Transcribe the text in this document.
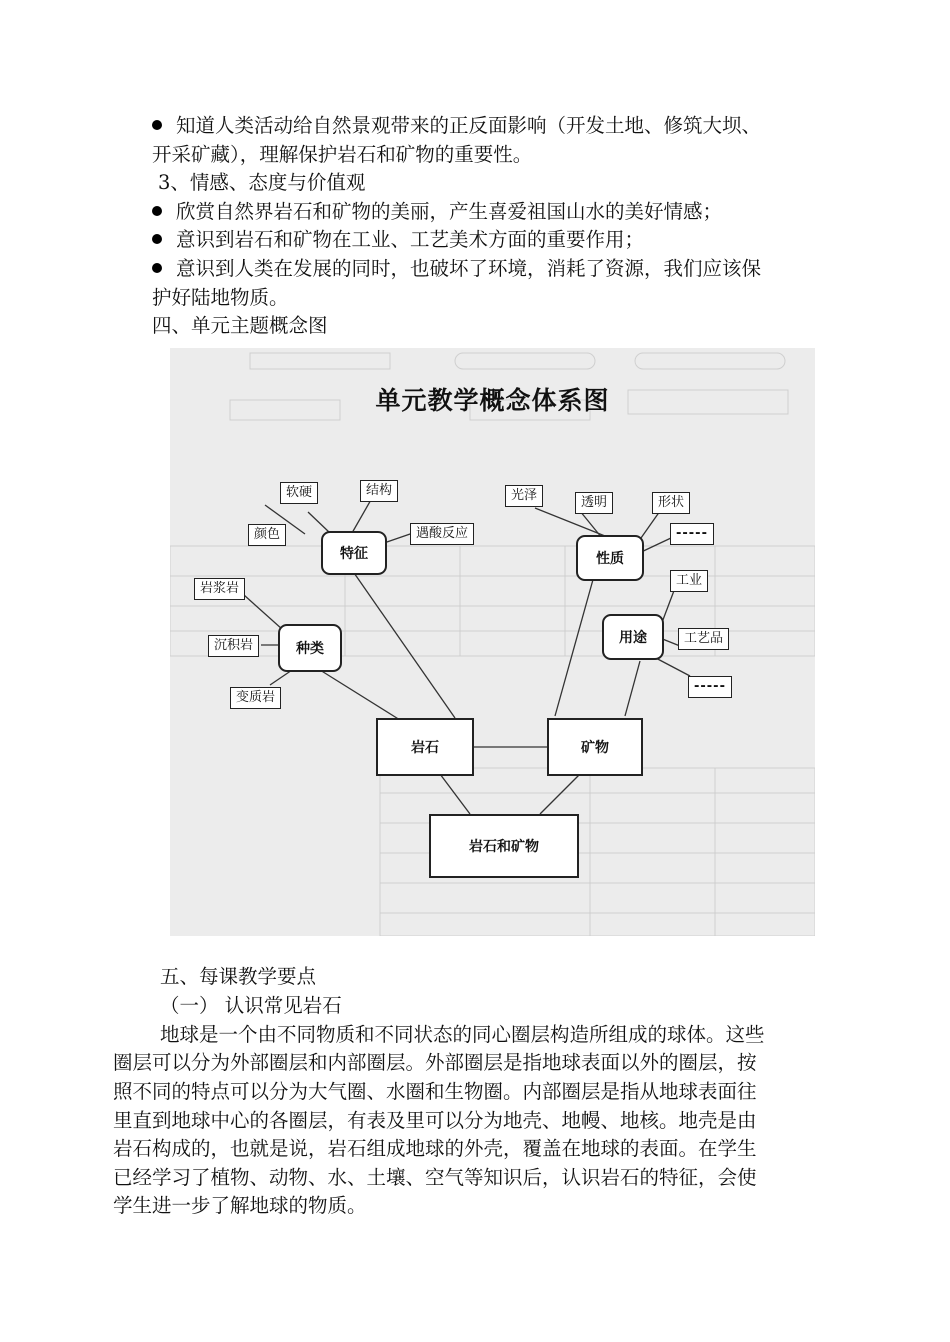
知道人类活动给自然景观带来的正反面影响（开发土地、修筑大坝、
开采矿藏），理解保护岩石和矿物的重要性。
3、情感、态度与价值观
欣赏自然界岩石和矿物的美丽，产生喜爱祖国山水的美好情感；
意识到岩石和矿物在工业、工艺美术方面的重要作用；
意识到人类在发展的同时，也破坏了环境，消耗了资源，我们应该保
护好陆地物质。
四、单元主题概念图
单元教学概念体系图
软硬	结构
颜色	遇酸反应
特征
岩浆岩
沉积岩
变质岩
种类
光泽	透明	形状
-----
性质
工业
工艺品
-----
用途
岩石	矿物
岩石和矿物
五、每课教学要点
（一） 认识常见岩石
地球是一个由不同物质和不同状态的同心圈层构造所组成的球体。这些
圈层可以分为外部圈层和内部圈层。外部圈层是指地球表面以外的圈层，按
照不同的特点可以分为大气圈、水圈和生物圈。内部圈层是指从地球表面往
里直到地球中心的各圈层，有表及里可以分为地壳、地幔、地核。地壳是由
岩石构成的，也就是说，岩石组成地球的外壳，覆盖在地球的表面。在学生
已经学习了植物、动物、水、土壤、空气等知识后，认识岩石的特征，会使
学生进一步了解地球的物质。
